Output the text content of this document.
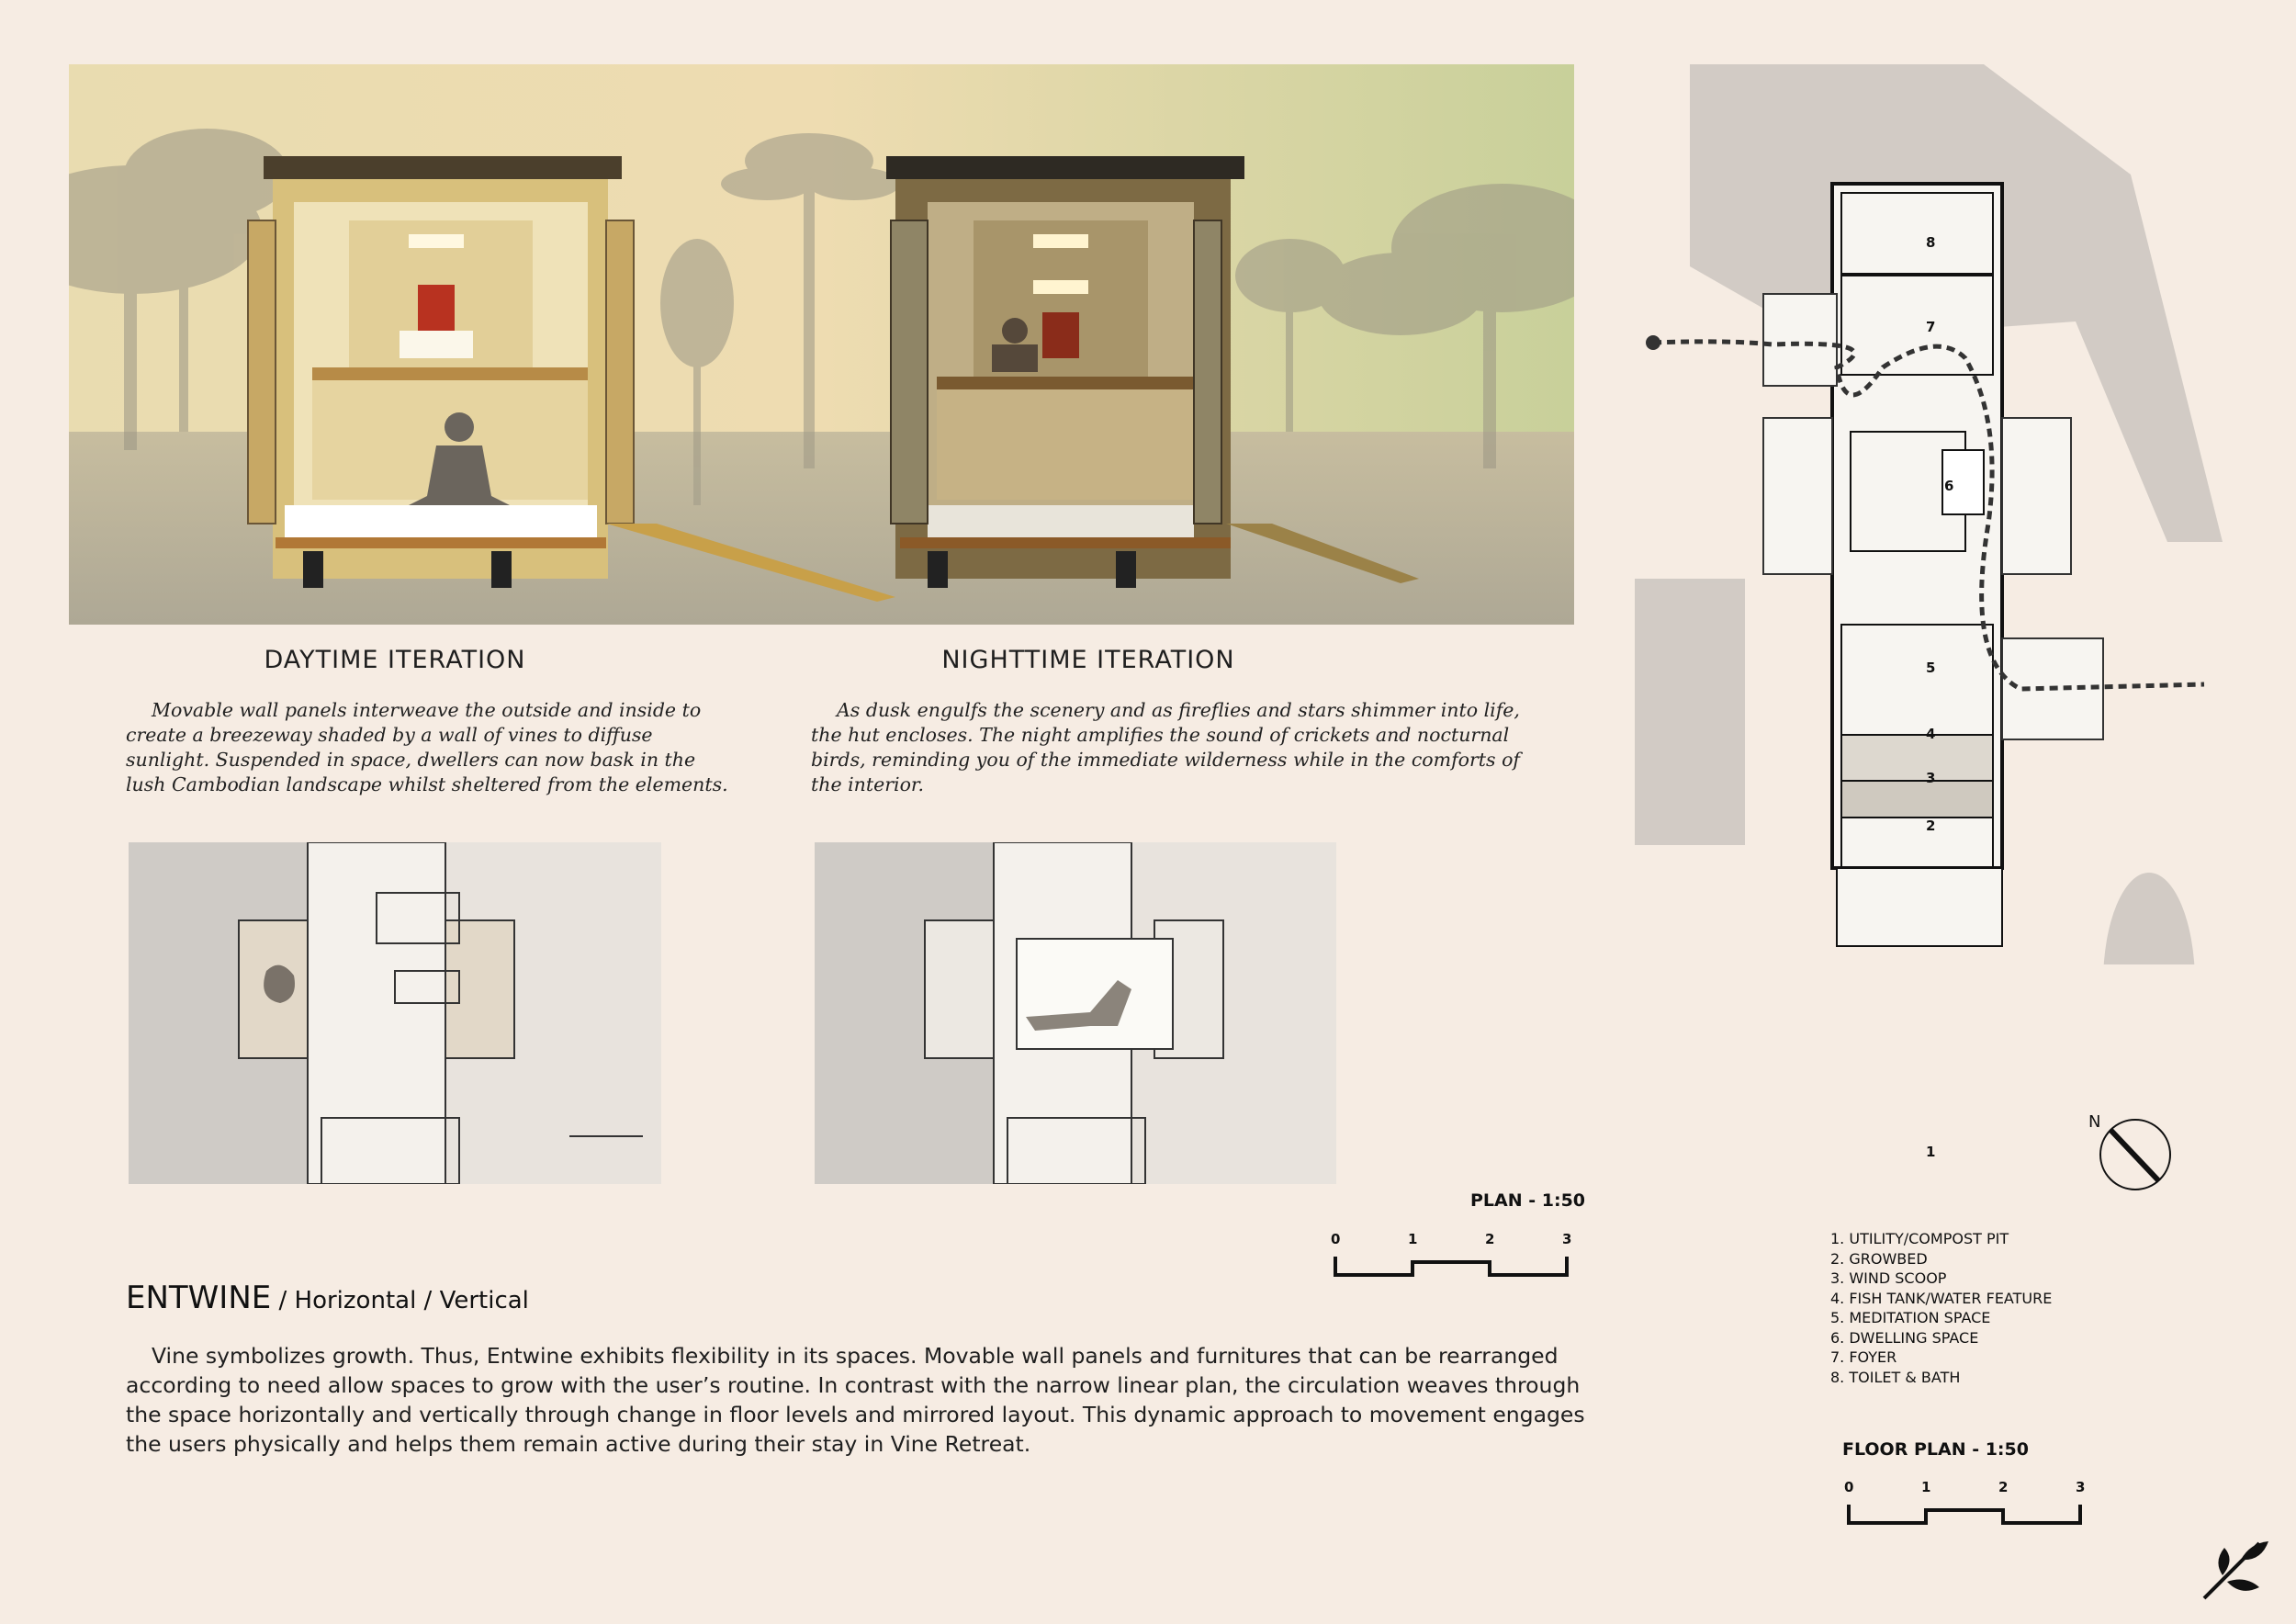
DAYTIME ITERATION
Movable wall panels interweave the outside and inside to create a breezeway shaded by a wall of vines to diffuse sunlight. Suspended in space, dwellers can now bask in the lush Cambodian landscape whilst sheltered from the elements.
NIGHTTIME ITERATION
As dusk engulfs the scenery and as fireflies and stars shimmer into life, the hut encloses. The night amplifies the sound of crickets and nocturnal birds, reminding you of the immediate wilderness while in the comforts of the interior.
PLAN - 1:50
0	1	2	3
ENTWINE / Horizontal / Vertical
Vine symbolizes growth. Thus, Entwine exhibits flexibility in its spaces. Movable wall panels and furnitures that can be rearranged according to need allow spaces to grow with the user’s routine. In contrast with the narrow linear plan, the circulation weaves through the space horizontally and vertically through change in floor levels and mirrored layout. This dynamic approach to movement engages the users physically and helps them remain active during their stay in Vine Retreat.
8
7
6
5
4
3
2
1
1. UTILITY/COMPOST PIT
2. GROWBED
3. WIND SCOOP
4. FISH TANK/WATER FEATURE
5. MEDITATION SPACE
6. DWELLING SPACE
7. FOYER
8. TOILET & BATH
N
FLOOR PLAN - 1:50
0	1	2	3
